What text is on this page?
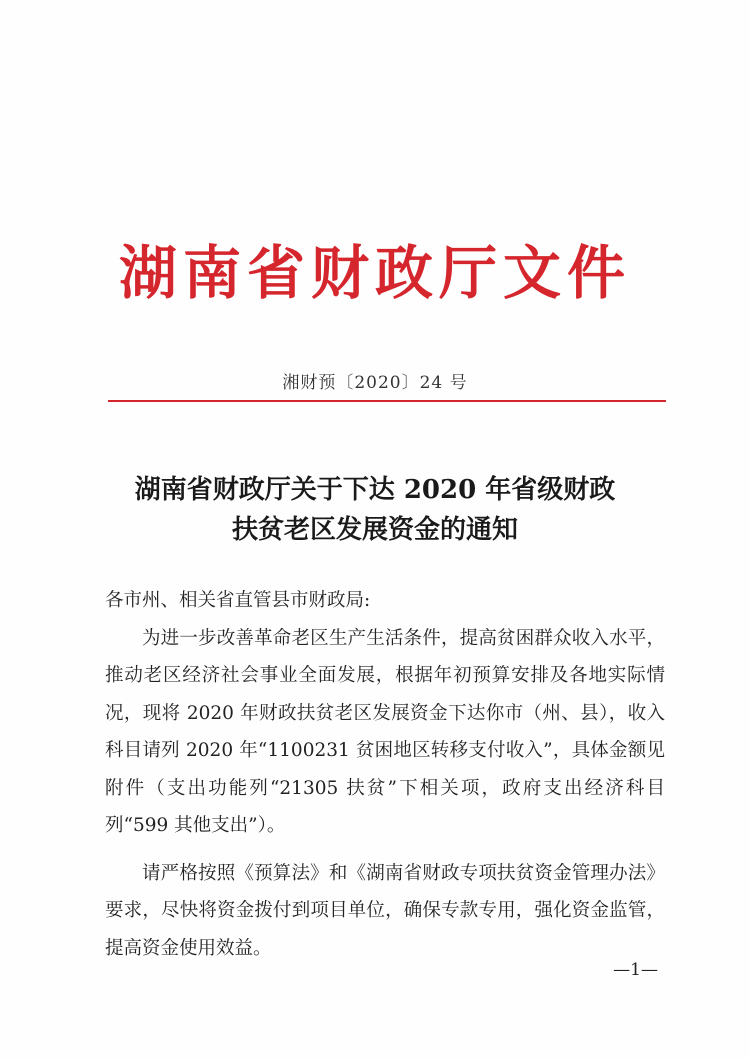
湖南省财政厅文件
湘财预〔2020〕24 号
湖南省财政厅关于下达 2020 年省级财政
扶贫老区发展资金的通知

各市州、相关省直管县市财政局:

为进一步改善革命老区生产生活条件，提高贫困群众收入水平，推动老区经济社会事业全面发展，根据年初预算安排及各地实际情况，现将 2020 年财政扶贫老区发展资金下达你市（州、县），收入科目请列 2020 年“1100231 贫困地区转移支付收入”，具体金额见附件（支出功能列“21305 扶贫”下相关项，政府支出经济科目列“599 其他支出”）。

请严格按照《预算法》和《湖南省财政专项扶贫资金管理办法》要求，尽快将资金拨付到项目单位，确保专款专用，强化资金监管，提高资金使用效益。

—1—
